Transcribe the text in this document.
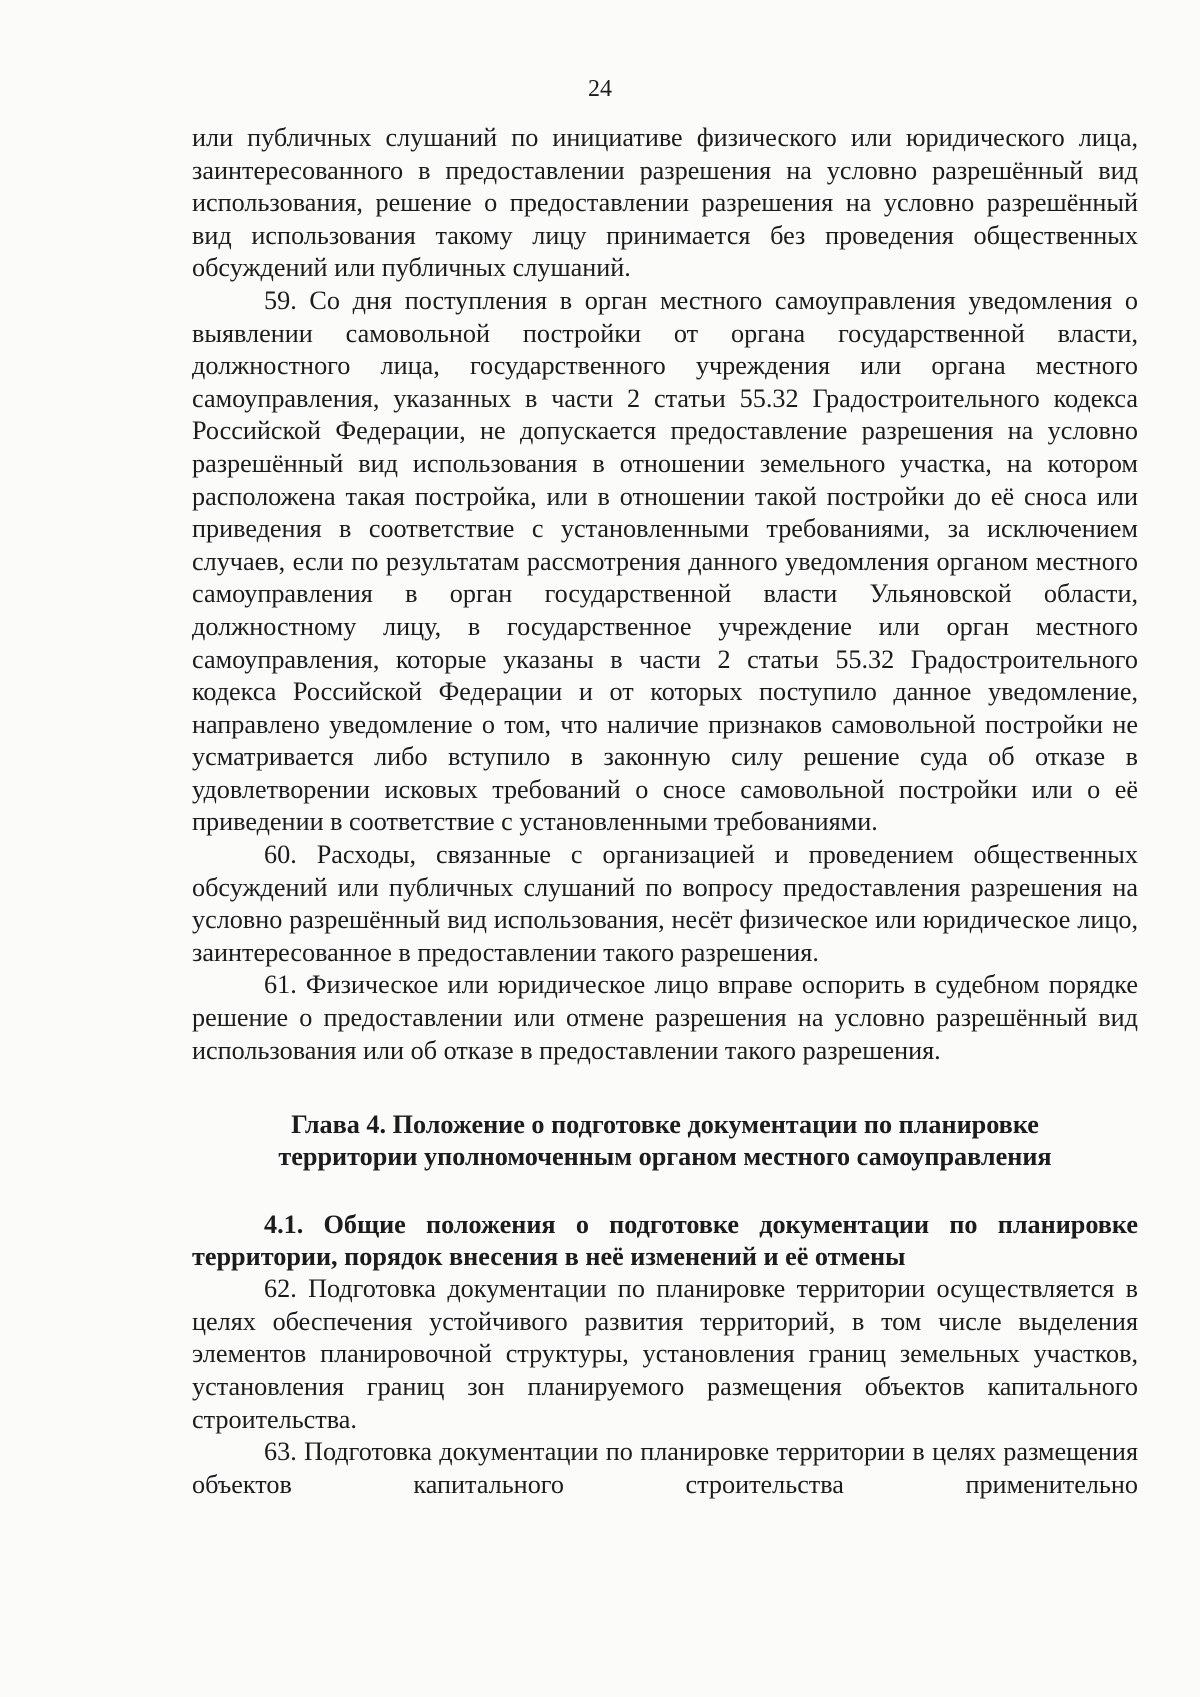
24

или публичных слушаний по инициативе физического или юридического лица, заинтересованного в предоставлении разрешения на условно разрешённый вид использования, решение о предоставлении разрешения на условно разрешённый вид использования такому лицу принимается без проведения общественных обсуждений или публичных слушаний.

59. Со дня поступления в орган местного самоуправления уведомления о выявлении самовольной постройки от органа государственной власти, должностного лица, государственного учреждения или органа местного самоуправления, указанных в части 2 статьи 55.32 Градостроительного кодекса Российской Федерации, не допускается предоставление разрешения на условно разрешённый вид использования в отношении земельного участка, на котором расположена такая постройка, или в отношении такой постройки до её сноса или приведения в соответствие с установленными требованиями, за исключением случаев, если по результатам рассмотрения данного уведомления органом местного самоуправления в орган государственной власти Ульяновской области, должностному лицу, в государственное учреждение или орган местного самоуправления, которые указаны в части 2 статьи 55.32 Градостроительного кодекса Российской Федерации и от которых поступило данное уведомление, направлено уведомление о том, что наличие признаков самовольной постройки не усматривается либо вступило в законную силу решение суда об отказе в удовлетворении исковых требований о сносе самовольной постройки или о её приведении в соответствие с установленными требованиями.

60. Расходы, связанные с организацией и проведением общественных обсуждений или публичных слушаний по вопросу предоставления разрешения на условно разрешённый вид использования, несёт физическое или юридическое лицо, заинтересованное в предоставлении такого разрешения.

61. Физическое или юридическое лицо вправе оспорить в судебном порядке решение о предоставлении или отмене разрешения на условно разрешённый вид использования или об отказе в предоставлении такого разрешения.

Глава 4. Положение о подготовке документации по планировке
территории уполномоченным органом местного самоуправления
4.1. Общие положения о подготовке документации по планировке территории, порядок внесения в неё изменений и её отмены

62. Подготовка документации по планировке территории осуществляется в целях обеспечения устойчивого развития территорий, в том числе выделения элементов планировочной структуры, установления границ земельных участков, установления границ зон планируемого размещения объектов капитального строительства.

63. Подготовка документации по планировке территории в целях размещения объектов капитального строительства применительно
